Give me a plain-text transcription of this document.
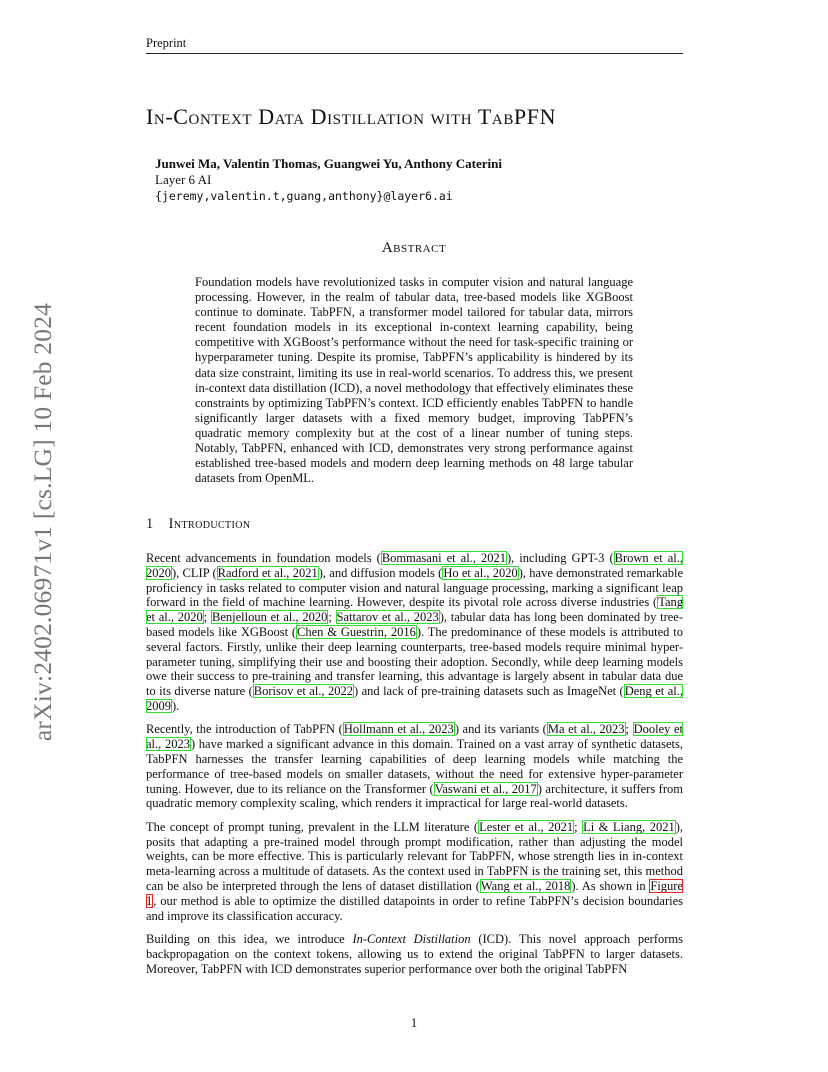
Preprint
arXiv:2402.06971v1 [cs.LG] 10 Feb 2024
In-Context Data Distillation with TabPFN
Junwei Ma, Valentin Thomas, Guangwei Yu, Anthony Caterini
Layer 6 AI
{jeremy,valentin.t,guang,anthony}@layer6.ai
Abstract
Foundation models have revolutionized tasks in computer vision and natural language processing. However, in the realm of tabular data, tree-based models like XGBoost continue to dominate. TabPFN, a transformer model tailored for tabular data, mirrors recent foundation models in its exceptional in-context learning capability, being competitive with XGBoost’s performance without the need for task-specific training or hyperparameter tuning. Despite its promise, TabPFN’s applicability is hindered by its data size constraint, limiting its use in real-world scenarios. To address this, we present in-context data distillation (ICD), a novel methodology that effectively eliminates these constraints by optimizing TabPFN’s context. ICD efficiently enables TabPFN to handle significantly larger datasets with a fixed memory budget, improving TabPFN’s quadratic memory complexity but at the cost of a linear number of tuning steps. Notably, TabPFN, enhanced with ICD, demonstrates very strong performance against established tree-based models and modern deep learning methods on 48 large tabular datasets from OpenML.
1 Introduction

Recent advancements in foundation models (Bommasani et al., 2021), including GPT-3 (Brown et al., 2020), CLIP (Radford et al., 2021), and diffusion models (Ho et al., 2020), have demonstrated remarkable proficiency in tasks related to computer vision and natural language processing, marking a significant leap forward in the field of machine learning. However, despite its pivotal role across diverse industries (Tang et al., 2020; Benjelloun et al., 2020; Sattarov et al., 2023), tabular data has long been dominated by tree-based models like XGBoost (Chen & Guestrin, 2016). The predominance of these models is attributed to several factors. Firstly, unlike their deep learning counterparts, tree-based models require minimal hyper-parameter tuning, simplifying their use and boosting their adoption. Secondly, while deep learning models owe their success to pre-training and transfer learning, this advantage is largely absent in tabular data due to its diverse nature (Borisov et al., 2022) and lack of pre-training datasets such as ImageNet (Deng et al., 2009).

Recently, the introduction of TabPFN (Hollmann et al., 2023) and its variants (Ma et al., 2023; Dooley et al., 2023) have marked a significant advance in this domain. Trained on a vast array of synthetic datasets, TabPFN harnesses the transfer learning capabilities of deep learning models while matching the performance of tree-based models on smaller datasets, without the need for extensive hyper-parameter tuning. However, due to its reliance on the Transformer (Vaswani et al., 2017) architecture, it suffers from quadratic memory complexity scaling, which renders it impractical for large real-world datasets.

The concept of prompt tuning, prevalent in the LLM literature (Lester et al., 2021; Li & Liang, 2021), posits that adapting a pre-trained model through prompt modification, rather than adjusting the model weights, can be more effective. This is particularly relevant for TabPFN, whose strength lies in in-context meta-learning across a multitude of datasets. As the context used in TabPFN is the training set, this method can be also be interpreted through the lens of dataset distillation (Wang et al., 2018). As shown in Figure 1, our method is able to optimize the distilled datapoints in order to refine TabPFN’s decision boundaries and improve its classification accuracy.

Building on this idea, we introduce In-Context Distillation (ICD). This novel approach performs backpropagation on the context tokens, allowing us to extend the original TabPFN to larger datasets. Moreover, TabPFN with ICD demonstrates superior performance over both the original TabPFN

1
